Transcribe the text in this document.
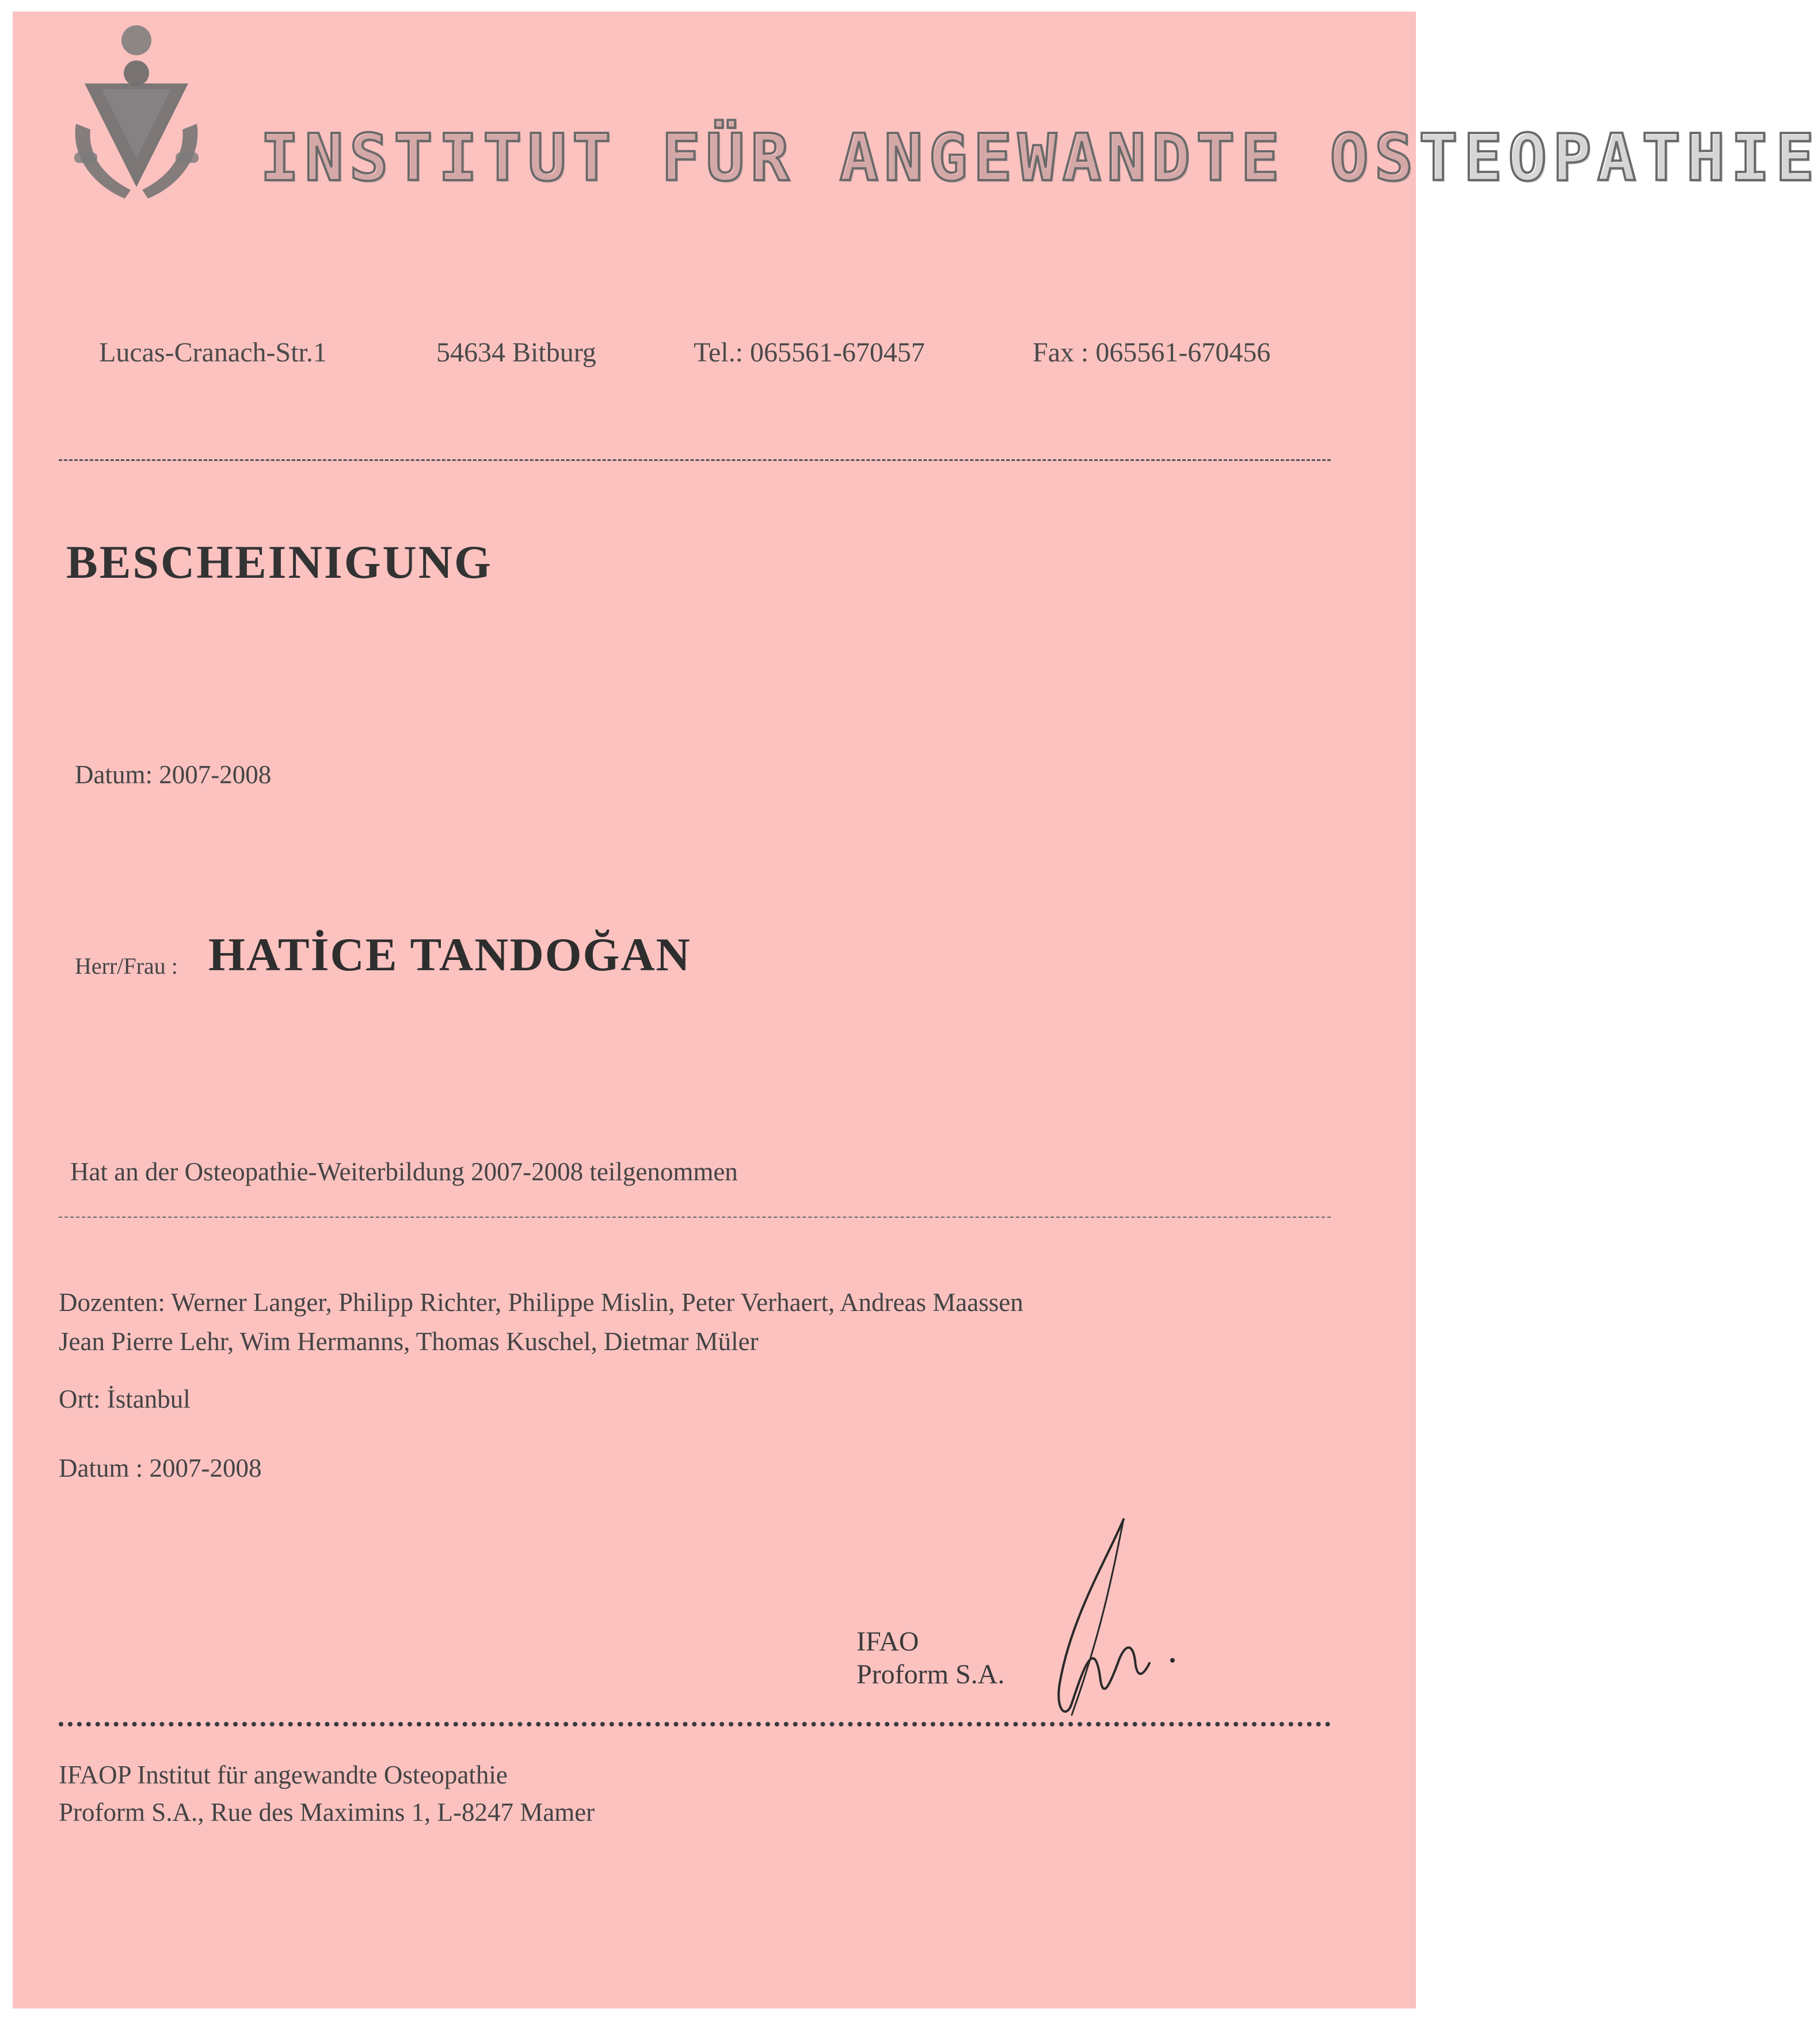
INSTITUT FÜR ANGEWANDTE OSTEOPATHIE
Lucas-Cranach-Str.1	54634 Bitburg	Tel.: 065561-670457	Fax : 065561-670456
BESCHEINIGUNG
Datum: 2007-2008
Herr/Frau : HATİCE TANDOĞAN
Hat an der Osteopathie-Weiterbildung 2007-2008 teilgenommen
Dozenten: Werner Langer, Philipp Richter, Philippe Mislin, Peter Verhaert, Andreas Maassen
Jean Pierre Lehr, Wim Hermanns, Thomas Kuschel, Dietmar Müler
Ort: İstanbul
Datum : 2007-2008
IFAO
Proform S.A.
IFAOP Institut für angewandte Osteopathie
Proform S.A., Rue des Maximins 1, L-8247 Mamer
